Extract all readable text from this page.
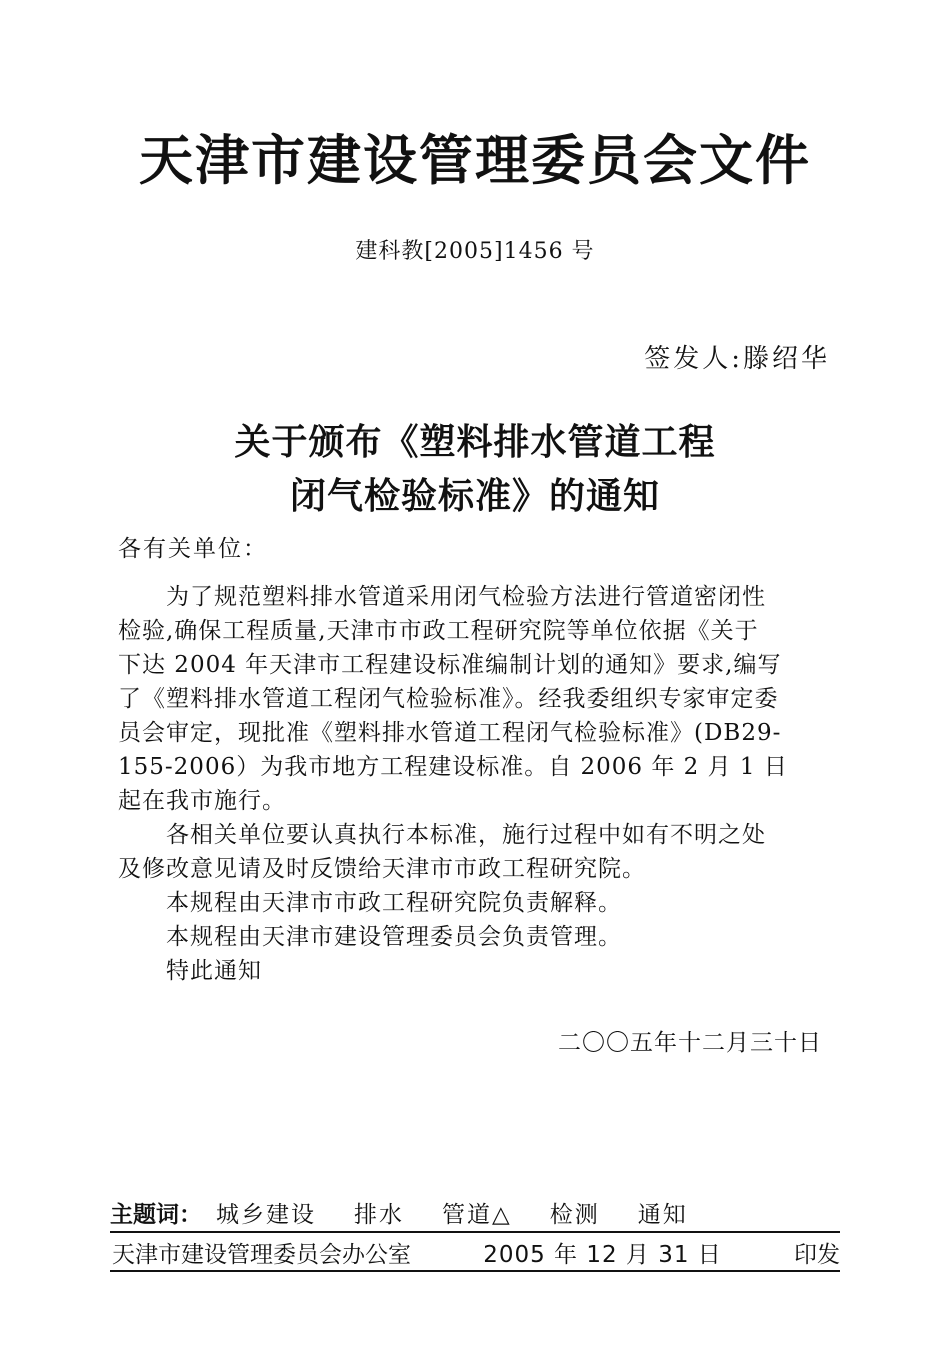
天津市建设管理委员会文件
建科教[2005]1456 号
签发人:滕绍华
关于颁布《塑料排水管道工程
闭气检验标准》的通知
各有关单位：
为了规范塑料排水管道采用闭气检验方法进行管道密闭性
检验,确保工程质量,天津市市政工程研究院等单位依据《关于
下达 2004 年天津市工程建设标准编制计划的通知》要求,编写
了《塑料排水管道工程闭气检验标准》。经我委组织专家审定委
员会审定，现批准《塑料排水管道工程闭气检验标准》(DB29-
155-2006）为我市地方工程建设标准。自 2006 年 2 月 1 日
起在我市施行。
各相关单位要认真执行本标准，施行过程中如有不明之处
及修改意见请及时反馈给天津市市政工程研究院。
本规程由天津市市政工程研究院负责解释。
本规程由天津市建设管理委员会负责管理。
特此通知
二〇〇五年十二月三十日
主题词： 城乡建设 排水 管道△ 检测 通知
天津市建设管理委员会办公室	2005 年 12 月 31 日	印发
